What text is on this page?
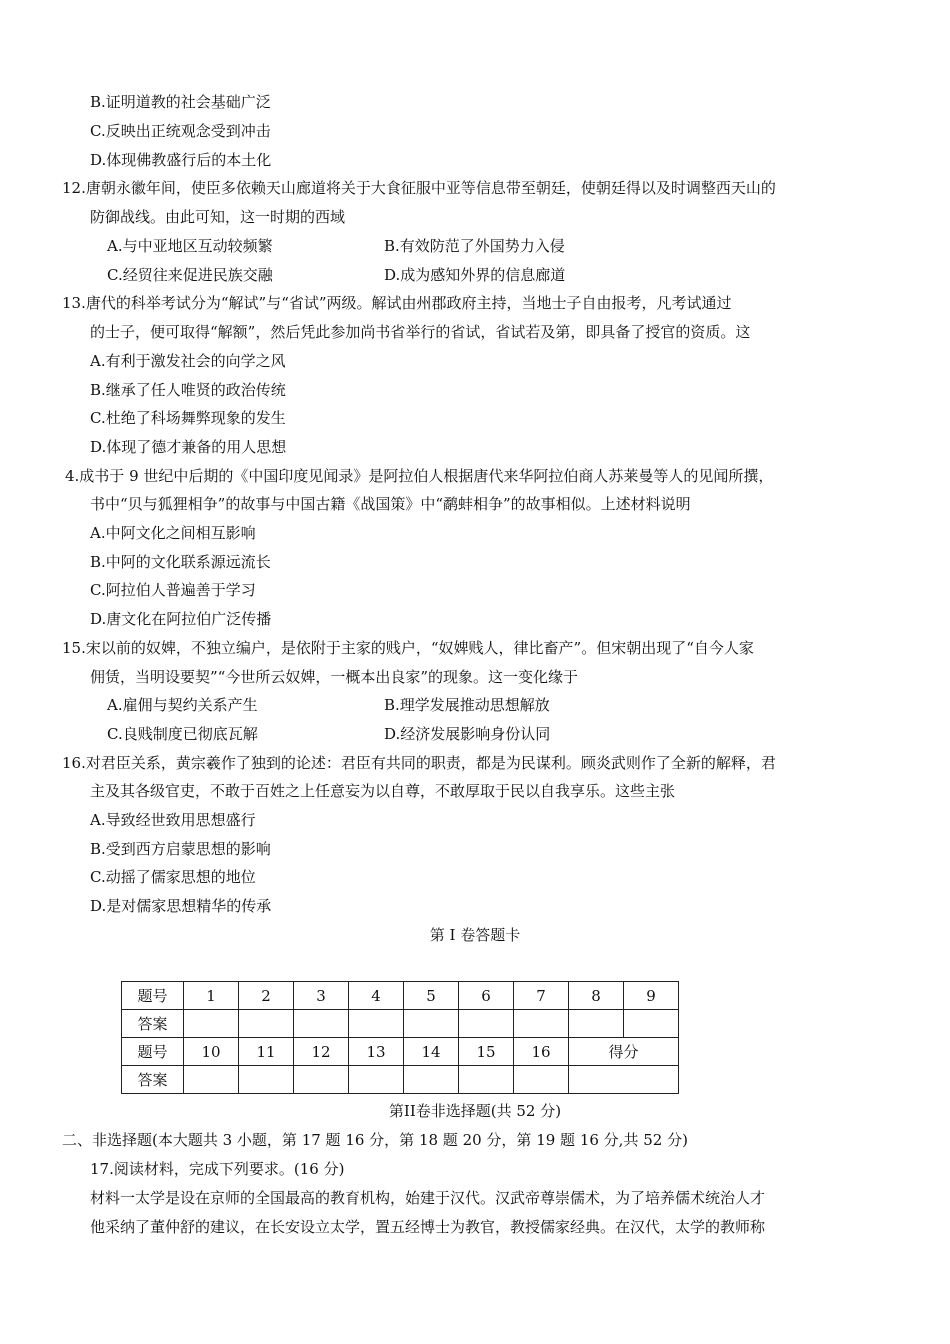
B.证明道教的社会基础广泛

C.反映出正统观念受到冲击

D.体现佛教盛行后的本土化

12.唐朝永徽年间，使臣多依赖天山廊道将关于大食征服中亚等信息带至朝廷，使朝廷得以及时调整西天山的

防御战线。由此可知，这一时期的西域

A.与中亚地区互动较频繁	B.有效防范了外国势力入侵

C.经贸往来促进民族交融	D.成为感知外界的信息廊道

13.唐代的科举考试分为“解试”与“省试”两级。解试由州郡政府主持，当地士子自由报考，凡考试通过

的士子，便可取得“解额”，然后凭此参加尚书省举行的省试，省试若及第，即具备了授官的资质。这

A.有利于激发社会的向学之风

B.继承了任人唯贤的政治传统

C.杜绝了科场舞弊现象的发生

D.体现了德才兼备的用人思想

4.成书于 9 世纪中后期的《中国印度见闻录》是阿拉伯人根据唐代来华阿拉伯商人苏莱曼等人的见闻所撰，

书中“贝与狐狸相争”的故事与中国古籍《战国策》中“鹬蚌相争”的故事相似。上述材料说明

A.中阿文化之间相互影响

B.中阿的文化联系源远流长

C.阿拉伯人普遍善于学习

D.唐文化在阿拉伯广泛传播

15.宋以前的奴婢，不独立编户，是依附于主家的贱户，“奴婢贱人，律比畜产”。但宋朝出现了“自今人家

佣赁，当明设要契”“今世所云奴婢，一概本出良家”的现象。这一变化缘于

A.雇佣与契约关系产生	B.理学发展推动思想解放

C.良贱制度已彻底瓦解	D.经济发展影响身份认同

16.对君臣关系，黄宗羲作了独到的论述：君臣有共同的职责，都是为民谋利。顾炎武则作了全新的解释，君

主及其各级官吏，不敢于百姓之上任意妄为以自尊，不敢厚取于民以自我享乐。这些主张

A.导致经世致用思想盛行

B.受到西方启蒙思想的影响

C.动摇了儒家思想的地位

D.是对儒家思想精华的传承

第 I 卷答题卡

题号	1	2	3	4	5	6	7	8	9
答案									
题号	10	11	12	13	14	15	16	得分	
答案									

第II卷非选择题(共 52 分)

二、非选择题(本大题共 3 小题，第 17 题 16 分，第 18 题 20 分，第 19 题 16 分,共 52 分)

17.阅读材料，完成下列要求。(16 分)

材料一太学是设在京师的全国最高的教育机构，始建于汉代。汉武帝尊崇儒术，为了培养儒术统治人才

他采纳了董仲舒的建议，在长安设立太学，置五经博士为教官，教授儒家经典。在汉代，太学的教师称
